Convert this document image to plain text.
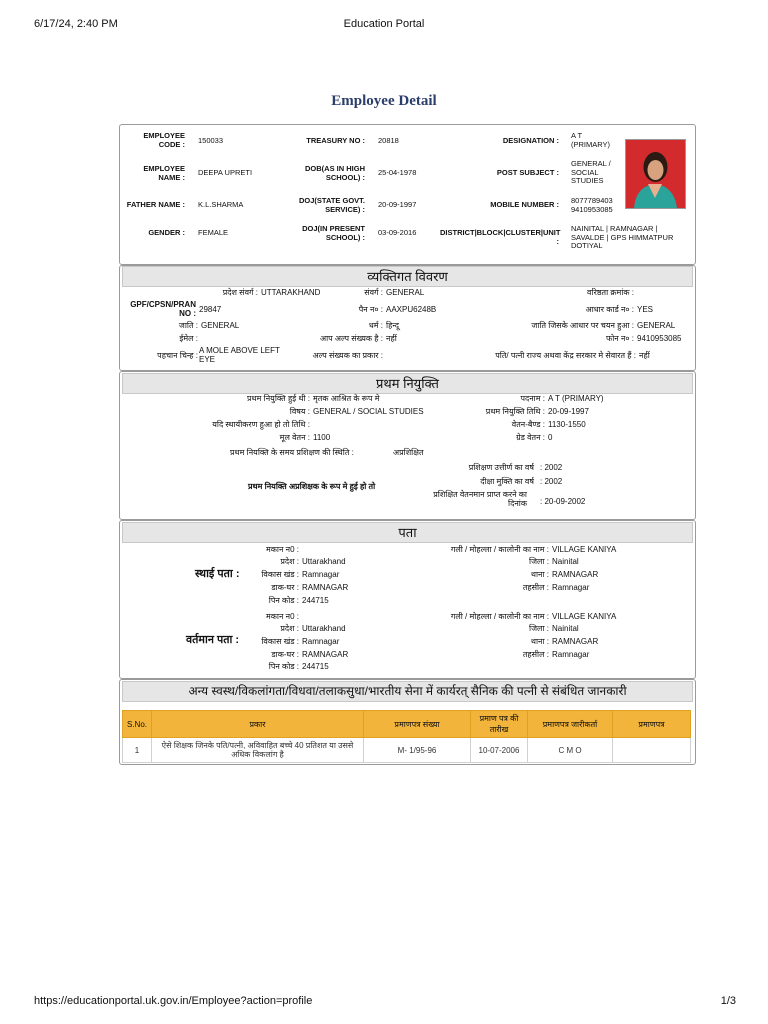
6/17/24, 2:40 PM	Education Portal
Employee Detail
EMPLOYEE CODE : 150033	TREASURY NO : 20818	DESIGNATION :
A T (PRIMARY)
EMPLOYEE NAME : DEEPA UPRETI	DOB(AS IN HIGH SCHOOL) : 25-04-1978	POST SUBJECT :
GENERAL / SOCIAL STUDIES
FATHER NAME : K.L.SHARMA	DOJ(STATE GOVT. SERVICE) : 20-09-1997	MOBILE NUMBER : 8077789403 9410953085
GENDER : FEMALE	DOJ(IN PRESENT SCHOOL) : 03-09-2016	DISTRICT|BLOCK|CLUSTER|UNIT :
NAINITAL | RAMNAGAR | SAVALDE | GPS HIMMATPUR DOTIYAL
व्यक्तिगत विवरण
प्रदेश संवर्ग : UTTARAKHAND	संवर्ग : GENERAL	वरिष्ठता क्रमांक :
GPF/CPSN/PRAN NO : 29847	पैन न० : AAXPU6248B	आधार कार्ड न० : YES
जाति : GENERAL	धर्म : हिन्दू	जाति जिसके आधार पर चयन हुआ : GENERAL
ईमेल :	आप अल्प संख्यक है : नहीं	फोन न० : 9410953085
पहचान चिन्ह :
A MOLE ABOVE LEFT EYE	अल्प संख्यक का प्रकार :	पति/ पत्नी राज्य अथवा केंद्र सरकार मे सेवारत हैं : नहीं
प्रथम नियुक्ति
प्रथम नियुक्ति हुई थी : मृतक आश्रित के रूप मे	पदनाम : A T (PRIMARY)
विषय : GENERAL / SOCIAL STUDIES	प्रथम नियुक्ति तिथि : 20-09-1997
यदि स्थायीकरण हुआ हो तो तिथि :	वेतन-बैण्ड : 1130-1550
मूल वेतन : 1100	ग्रेड वेतन : 0
प्रथम नियक्ति के समय प्रशिक्षण की स्थिति :	अप्रशिक्षित
प्रथम नियक्ति अप्रशिक्षक के रूप मे हुई हो तो
प्रशिक्षण उत्तीर्ण का वर्ष : 2002
दीक्षा मुक्ति का वर्ष : 2002
प्रशिक्षित वेतनमान प्राप्त करने का दिनांक : 20-09-2002
पता
स्थाई पता :
मकान न0 :
प्रदेश : Uttarakhand
विकास खंड : Ramnagar
डाक-घर : RAMNAGAR
पिन कोड : 244715
गली / मोहल्ला / कालोनी का नाम : VILLAGE KANIYA
जिला : Nainital
थाना : RAMNAGAR
तहसील : Ramnagar
वर्तमान पता :
मकान न0 :
प्रदेश : Uttarakhand
विकास खंड : Ramnagar
डाक-घर : RAMNAGAR
पिन कोड : 244715
गली / मोहल्ला / कालोनी का नाम : VILLAGE KANIYA
जिला : Nainital
थाना : RAMNAGAR
तहसील : Ramnagar
अन्य स्वस्थ/विकलांगता/विधवा/तलाकसुधा/भारतीय सेना में कार्यरत् सैनिक की पत्नी से संबंधित जानकारी
S.No.	प्रकार	प्रमाणपत्र संख्या	प्रमाण पत्र की तारीख	प्रमाणपत्र जारीकर्ता	प्रमाणपत्र
1	ऐसे शिक्षक जिनके पति/पत्नी, अविवाहित बच्चे 40 प्रतिशत या उससे अधिक विकलांग है	M- 1/95-96	10-07-2006	C M O	
https://educationportal.uk.gov.in/Employee?action=profile	1/3
